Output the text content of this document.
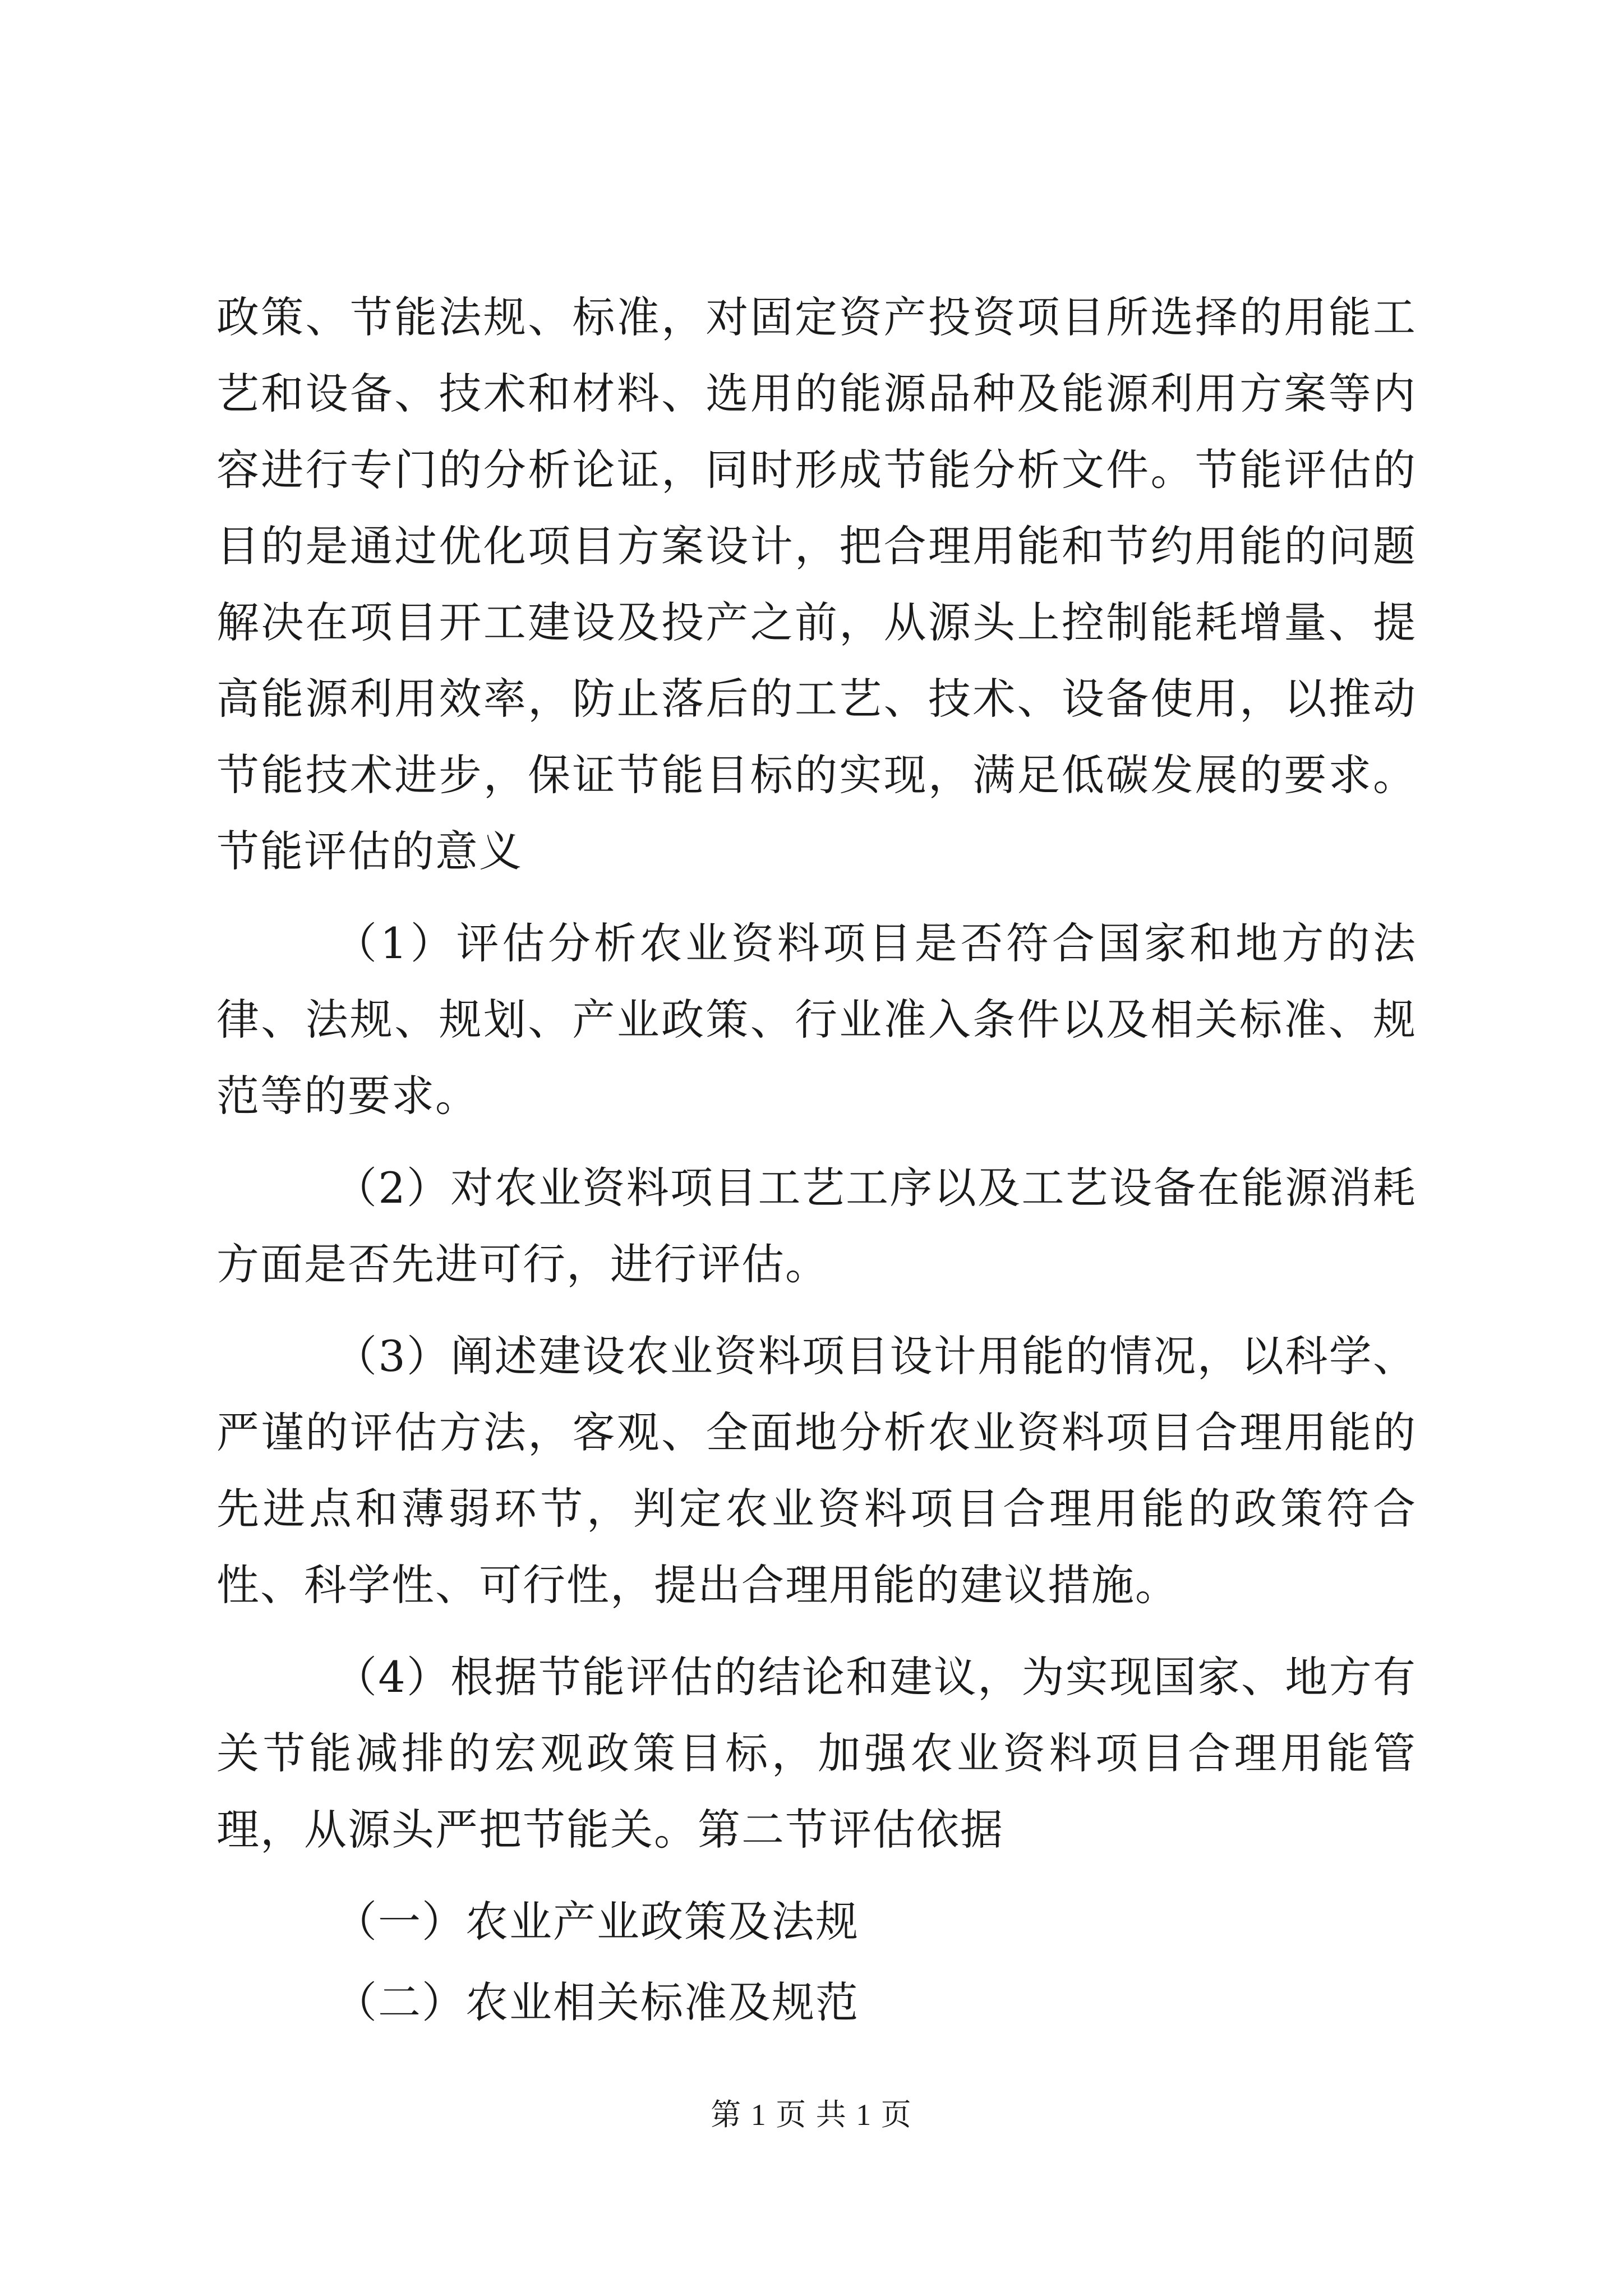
政策、节能法规、标准，对固定资产投资项目所选择的用能工艺和设备、技术和材料、选用的能源品种及能源利用方案等内容进行专门的分析论证，同时形成节能分析文件。节能评估的目的是通过优化项目方案设计，把合理用能和节约用能的问题解决在项目开工建设及投产之前，从源头上控制能耗增量、提高能源利用效率，防止落后的工艺、技术、设备使用，以推动节能技术进步，保证节能目标的实现，满足低碳发展的要求。节能评估的意义

（1）评估分析农业资料项目是否符合国家和地方的法律、法规、规划、产业政策、行业准入条件以及相关标准、规范等的要求。

（2）对农业资料项目工艺工序以及工艺设备在能源消耗方面是否先进可行，进行评估。

（3）阐述建设农业资料项目设计用能的情况，以科学、严谨的评估方法，客观、全面地分析农业资料项目合理用能的先进点和薄弱环节，判定农业资料项目合理用能的政策符合性、科学性、可行性，提出合理用能的建议措施。

（4）根据节能评估的结论和建议，为实现国家、地方有关节能减排的宏观政策目标，加强农业资料项目合理用能管理，从源头严把节能关。第二节评估依据

（一）农业产业政策及法规

（二）农业相关标准及规范

第 1 页 共 1 页
